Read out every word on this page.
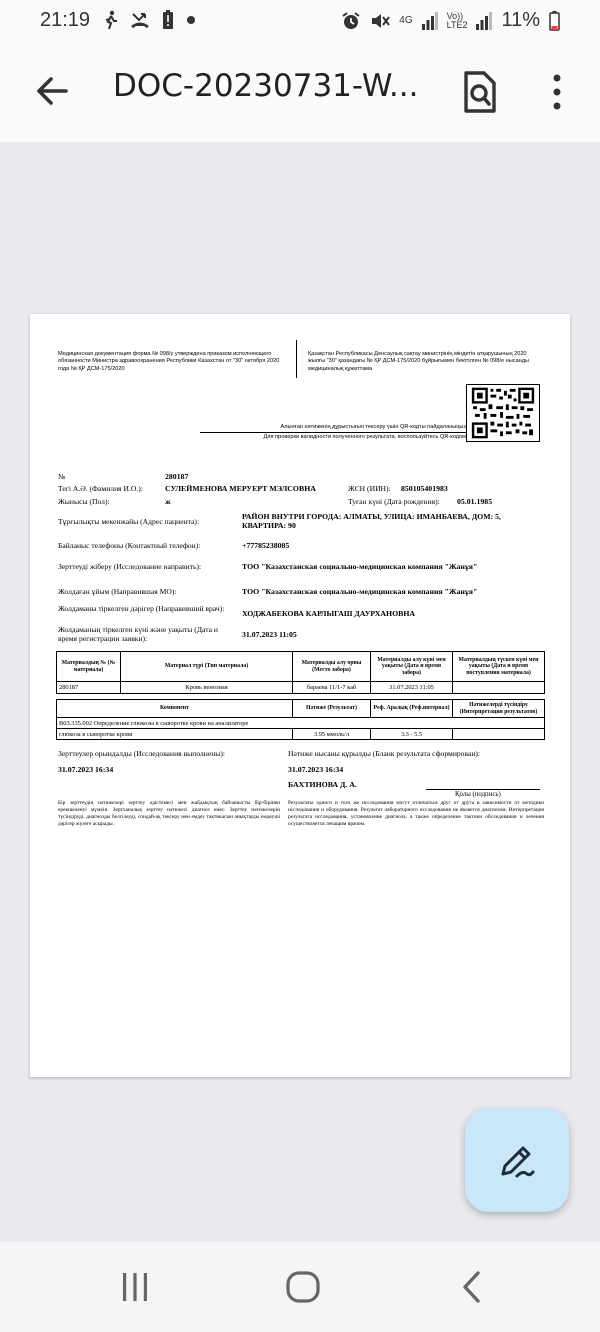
21:19	4G	Vo))
LTE2 11%
DOC-20230731-W...
Медицинская документация форма № 098/у утверждена приказом исполняющего обязанности Министра здравоохранения Республики Казахстан от "30" октября 2020 года № ҚР ДСМ-175/2020
Қазақстан Республикасы Денсаулық сақтау министрінің міндетін атқарушының 2020 жылғы "30" қазандағы № ҚР ДСМ-175/2020 бұйрығымен бекітілген № 098/е нысанды медициналық құжаттама
Алынған нәтиженің дұрыстығын тексеру үшін QR-кодты пайдаланыңыз
Для проверки валидности полученного результата, воспользуйтесь QR-кодом
№	280187
Тегі А.Ә. (Фамилия И.О.):	СУЛЕЙМЕНОВА МЕРУЕРТ МЭЛСОВНА	ЖСН (ИИН): 850105401983
Жынысы (Пол):	ж	Туған күні (Дата рождения): 05.01.1985
Тұрғылықты мекенжайы (Адрес пациента):
РАЙОН ВНУТРИ ГОРОДА: АЛМАТЫ, УЛИЦА: ИМАНБАЕВА, ДОМ: 5, КВАРТИРА: 90
Байланыс телефоны (Контактный телефон):	+77785238085
Зерттеуді жіберу (Исследование направить):	ТОО "Казахстанская социально-медицинская компания "Жанұя"
Жолдаған ұйым (Направившая МО):	ТОО "Казахстанская социально-медицинская компания "Жанұя"
Жолдаманы тіркелген дәрігер (Направивший врач):
ХОДЖАБЕКОВА КАРЛЫГАШ ДАУРХАНОВНА
Жолдаманың тіркелген күні және уақыты (Дата и время регистрации заявки):	31.07.2023 11:05
Материалдың № (№ материала)	Материал түрі (Тип материала)	Материалды алу орны (Место забора)	Материалды алу күні мен уақыты (Дата и время забора)	Материалдың түскен күні мен уақыты (Дата и время поступления материала)
280187	Кровь венозная	бараева 11/1-7 каб	31.07.2023 11:05	
Компонент	Нәтиже (Результат)	Реф. Аралық (Реф.интервал)	Нәтижелерді түсіндіру (Интерпретация результатов)
B03.335.002 Определение глюкозы в сыворотке крови на анализаторе			
глюкоза в сыворотке крови	3.95 ммоль/л	3.3 - 5.5	
Зерттеулер орындалды (Исследования выполнены):
31.07.2023 16:34
Нәтиже нысаны құрылды (Бланк результата сформирован):
31.07.2023 16:34
БАХТИНОВА Д. А.
Қолы (подпись)
Бір зерттеудің нәтижелері зерттеу әдістемесі мен жабдықтың байланысты бір-бірінен ерекшеленуі мүмкін. Зертханалық зерттеу нәтижесі диагноз емес. Зерттеу нәтижелерін түсіндіруді, диагнозды белгілеуді, сондай-ақ тексеру мен емдеу тактикасын анықтауды емдеуші дәрігер жүзеге асырады.
Результаты одного и того же исследования могут отличаться друг от друга в зависимости от методики исследования и оборудования. Результат лабораторного исследования не является диагнозом. Интерпретация результата исследования, установление диагноза, а также определение тактики обследования и лечения осуществляется лечащим врачом.
